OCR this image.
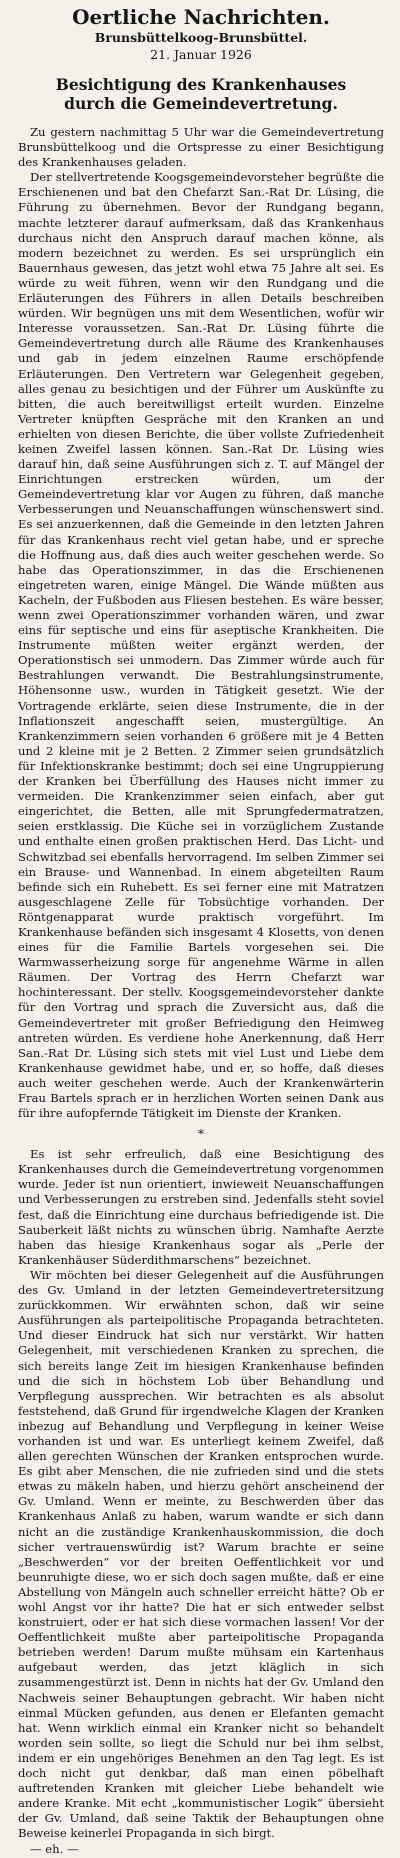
Oertliche Nachrichten.
Brunsbüttelkoog-Brunsbüttel.
21. Januar 1926
Besichtigung des Krankenhauses
durch die Gemeindevertretung.

Zu gestern nachmittag 5 Uhr war die Gemeindevertretung Brunsbüttelkoog und die Ortspresse zu einer Besichtigung des Krankenhauses geladen.

Der stellvertretende Koogsgemeindevorsteher begrüßte die Erschienenen und bat den Chefarzt San.-Rat Dr. Lüsing, die Führung zu übernehmen. Bevor der Rundgang begann, machte letzterer darauf aufmerksam, daß das Krankenhaus durchaus nicht den Anspruch darauf machen könne, als modern bezeichnet zu werden. Es sei ursprünglich ein Bauernhaus gewesen, das jetzt wohl etwa 75 Jahre alt sei. Es würde zu weit führen, wenn wir den Rundgang und die Erläuterungen des Führers in allen Details beschreiben würden. Wir begnügen uns mit dem Wesentlichen, wofür wir Interesse voraussetzen. San.-Rat Dr. Lüsing führte die Gemeindevertretung durch alle Räume des Krankenhauses und gab in jedem einzelnen Raume erschöpfende Erläuterungen. Den Vertretern war Gelegenheit gegeben, alles genau zu besichtigen und der Führer um Auskünfte zu bitten, die auch bereitwilligst erteilt wurden. Einzelne Vertreter knüpften Gespräche mit den Kranken an und erhielten von diesen Berichte, die über vollste Zufriedenheit keinen Zweifel lassen können. San.-Rat Dr. Lüsing wies darauf hin, daß seine Ausführungen sich z. T. auf Mängel der Einrichtungen erstrecken würden, um der Gemeindevertretung klar vor Augen zu führen, daß manche Verbesserungen und Neuanschaffungen wünschenswert sind. Es sei anzuerkennen, daß die Gemeinde in den letzten Jahren für das Krankenhaus recht viel getan habe, und er spreche die Hoffnung aus, daß dies auch weiter geschehen werde. So habe das Operationszimmer, in das die Erschienenen eingetreten waren, einige Mängel. Die Wände müßten aus Kacheln, der Fußboden aus Fliesen bestehen. Es wäre besser, wenn zwei Operationszimmer vorhanden wären, und zwar eins für septische und eins für aseptische Krankheiten. Die Instrumente müßten weiter ergänzt werden, der Operationstisch sei unmodern. Das Zimmer würde auch für Bestrahlungen verwandt. Die Bestrahlungsinstrumente, Höhensonne usw., wurden in Tätigkeit gesetzt. Wie der Vortragende erklärte, seien diese Instrumente, die in der Inflationszeit angeschafft seien, mustergültige. An Krankenzimmern seien vorhanden 6 größere mit je 4 Betten und 2 kleine mit je 2 Betten. 2 Zimmer seien grundsätzlich für Infektionskranke bestimmt; doch sei eine Ungruppierung der Kranken bei Überfüllung des Hauses nicht immer zu vermeiden. Die Krankenzimmer seien einfach, aber gut eingerichtet, die Betten, alle mit Sprungfedermatratzen, seien erstklassig. Die Küche sei in vorzüglichem Zustande und enthalte einen großen praktischen Herd. Das Licht- und Schwitzbad sei ebenfalls hervorragend. Im selben Zimmer sei ein Brause- und Wannenbad. In einem abgeteilten Raum befinde sich ein Ruhebett. Es sei ferner eine mit Matratzen ausgeschlagene Zelle für Tobsüchtige vorhanden. Der Röntgenapparat wurde praktisch vorgeführt. Im Krankenhause befänden sich insgesamt 4 Klosetts, von denen eines für die Familie Bartels vorgesehen sei. Die Warmwasserheizung sorge für angenehme Wärme in allen Räumen. Der Vortrag des Herrn Chefarzt war hochinteressant. Der stellv. Koogsgemeindevorsteher dankte für den Vortrag und sprach die Zuversicht aus, daß die Gemeindevertreter mit großer Befriedigung den Heimweg antreten würden. Es verdiene hohe Anerkennung, daß Herr San.-Rat Dr. Lüsing sich stets mit viel Lust und Liebe dem Krankenhause gewidmet habe, und er, so hoffe, daß dieses auch weiter geschehen werde. Auch der Krankenwärterin Frau Bartels sprach er in herzlichen Worten seinen Dank aus für ihre aufopfernde Tätigkeit im Dienste der Kranken.

*

Es ist sehr erfreulich, daß eine Besichtigung des Krankenhauses durch die Gemeindevertretung vorgenommen wurde. Jeder ist nun orientiert, inwieweit Neuanschaffungen und Verbesserungen zu erstreben sind. Jedenfalls steht soviel fest, daß die Einrichtung eine durchaus befriedigende ist. Die Sauberkeit läßt nichts zu wünschen übrig. Namhafte Aerzte haben das hiesige Krankenhaus sogar als „Perle der Krankenhäuser Süderdithmarschens“ bezeichnet.

Wir möchten bei dieser Gelegenheit auf die Ausführungen des Gv. Umland in der letzten Gemeindevertretersitzung zurückkommen. Wir erwähnten schon, daß wir seine Ausführungen als parteipolitische Propaganda betrachteten. Und dieser Eindruck hat sich nur verstärkt. Wir hatten Gelegenheit, mit verschiedenen Kranken zu sprechen, die sich bereits lange Zeit im hiesigen Krankenhause befinden und die sich in höchstem Lob über Behandlung und Verpflegung aussprechen. Wir betrachten es als absolut feststehend, daß Grund für irgendwelche Klagen der Kranken inbezug auf Behandlung und Verpflegung in keiner Weise vorhanden ist und war. Es unterliegt keinem Zweifel, daß allen gerechten Wünschen der Kranken entsprochen wurde. Es gibt aber Menschen, die nie zufrieden sind und die stets etwas zu mäkeln haben, und hierzu gehört anscheinend der Gv. Umland. Wenn er meinte, zu Beschwerden über das Krankenhaus Anlaß zu haben, warum wandte er sich dann nicht an die zuständige Krankenhauskommission, die doch sicher vertrauenswürdig ist? Warum brachte er seine „Beschwerden“ vor der breiten Oeffentlichkeit vor und beunruhigte diese, wo er sich doch sagen mußte, daß er eine Abstellung von Mängeln auch schneller erreicht hätte? Ob er wohl Angst vor ihr hatte? Die hat er sich entweder selbst konstruiert, oder er hat sich diese vormachen lassen! Vor der Oeffentlichkeit mußte aber parteipolitische Propaganda betrieben werden! Darum mußte mühsam ein Kartenhaus aufgebaut werden, das jetzt kläglich in sich zusammengestürzt ist. Denn in nichts hat der Gv. Umland den Nachweis seiner Behauptungen gebracht. Wir haben nicht einmal Mücken gefunden, aus denen er Elefanten gemacht hat. Wenn wirklich einmal ein Kranker nicht so behandelt worden sein sollte, so liegt die Schuld nur bei ihm selbst, indem er ein ungehöriges Benehmen an den Tag legt. Es ist doch nicht gut denkbar, daß man einen pöbelhaft auftretenden Kranken mit gleicher Liebe behandelt wie andere Kranke. Mit echt „kommunistischer Logik“ übersieht der Gv. Umland, daß seine Taktik der Behauptungen ohne Beweise keinerlei Propaganda in sich birgt.

— eh. —
